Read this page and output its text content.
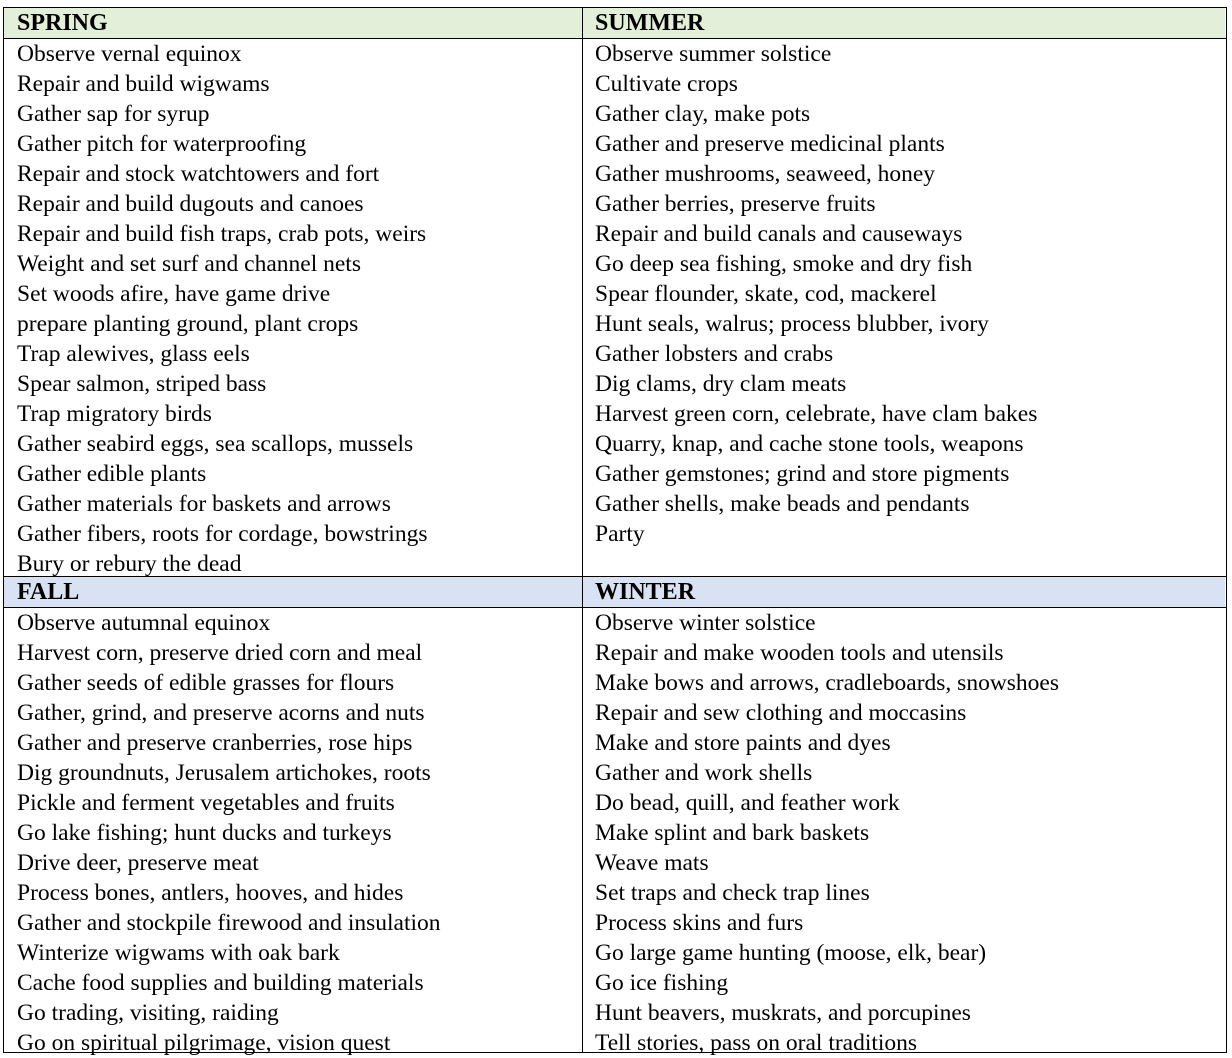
SPRING	SUMMER
Observe vernal equinox
Repair and build wigwams
Gather sap for syrup
Gather pitch for waterproofing
Repair and stock watchtowers and fort
Repair and build dugouts and canoes
Repair and build fish traps, crab pots, weirs
Weight and set surf and channel nets
Set woods afire, have game drive
prepare planting ground, plant crops
Trap alewives, glass eels
Spear salmon, striped bass
Trap migratory birds
Gather seabird eggs, sea scallops, mussels
Gather edible plants
Gather materials for baskets and arrows
Gather fibers, roots for cordage, bowstrings
Bury or rebury the dead
Observe summer solstice
Cultivate crops
Gather clay, make pots
Gather and preserve medicinal plants
Gather mushrooms, seaweed, honey
Gather berries, preserve fruits
Repair and build canals and causeways
Go deep sea fishing, smoke and dry fish
Spear flounder, skate, cod, mackerel
Hunt seals, walrus; process blubber, ivory
Gather lobsters and crabs
Dig clams, dry clam meats
Harvest green corn, celebrate, have clam bakes
Quarry, knap, and cache stone tools, weapons
Gather gemstones; grind and store pigments
Gather shells, make beads and pendants
Party
FALL	WINTER
Observe autumnal equinox
Harvest corn, preserve dried corn and meal
Gather seeds of edible grasses for flours
Gather, grind, and preserve acorns and nuts
Gather and preserve cranberries, rose hips
Dig groundnuts, Jerusalem artichokes, roots
Pickle and ferment vegetables and fruits
Go lake fishing; hunt ducks and turkeys
Drive deer, preserve meat
Process bones, antlers, hooves, and hides
Gather and stockpile firewood and insulation
Winterize wigwams with oak bark
Cache food supplies and building materials
Go trading, visiting, raiding
Go on spiritual pilgrimage, vision quest
Observe winter solstice
Repair and make wooden tools and utensils
Make bows and arrows, cradleboards, snowshoes
Repair and sew clothing and moccasins
Make and store paints and dyes
Gather and work shells
Do bead, quill, and feather work
Make splint and bark baskets
Weave mats
Set traps and check trap lines
Process skins and furs
Go large game hunting (moose, elk, bear)
Go ice fishing
Hunt beavers, muskrats, and porcupines
Tell stories, pass on oral traditions
